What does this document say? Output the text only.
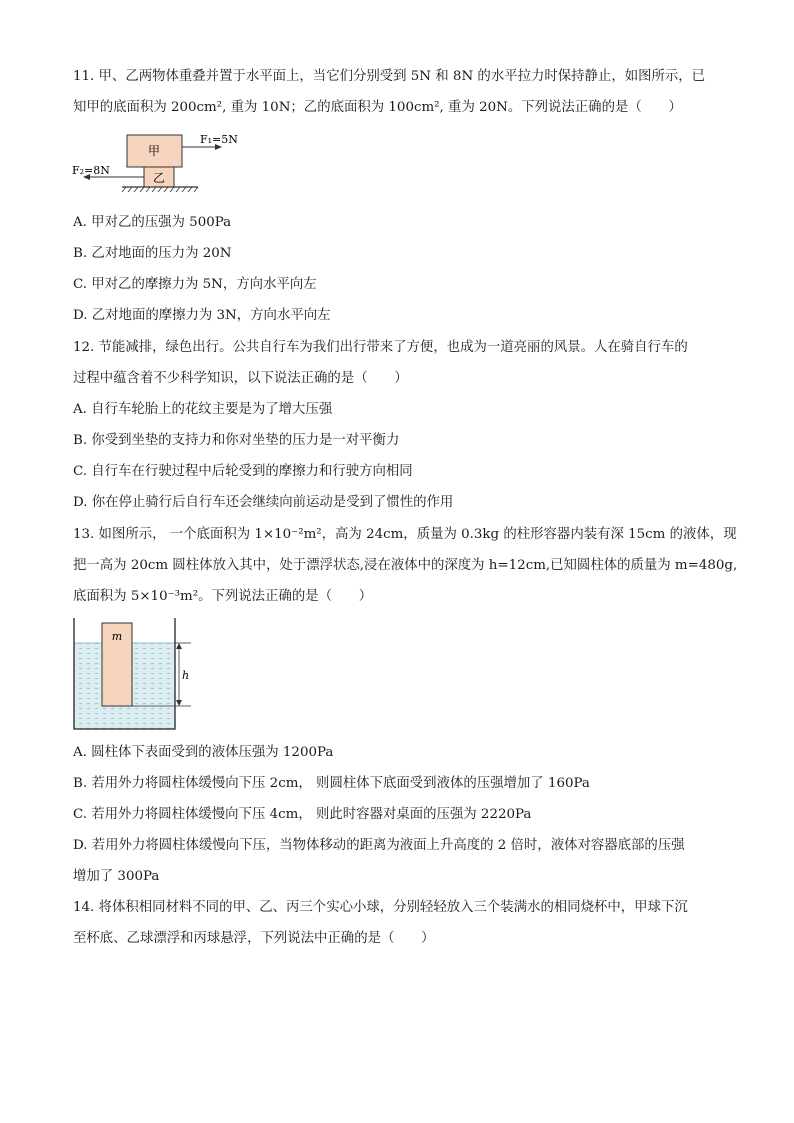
11. 甲、乙两物体重叠并置于水平面上，当它们分别受到 5N 和 8N 的水平拉力时保持静止，如图所示，已
知甲的底面积为 200cm², 重为 10N；乙的底面积为 100cm², 重为 20N。下列说法正确的是（　　）
甲
乙
F₁=5N
F₂=8N
A. 甲对乙的压强为 500Pa
B. 乙对地面的压力为 20N
C. 甲对乙的摩擦力为 5N，方向水平向左
D. 乙对地面的摩擦力为 3N，方向水平向左
12. 节能减排，绿色出行。公共自行车为我们出行带来了方便，也成为一道亮丽的风景。人在骑自行车的
过程中蕴含着不少科学知识，以下说法正确的是（　　）
A. 自行车轮胎上的花纹主要是为了增大压强
B. 你受到坐垫的支持力和你对坐垫的压力是一对平衡力
C. 自行车在行驶过程中后轮受到的摩擦力和行驶方向相同
D. 你在停止骑行后自行车还会继续向前运动是受到了惯性的作用
13. 如图所示， 一个底面积为 1×10⁻²m²，高为 24cm，质量为 0.3kg 的柱形容器内装有深 15cm 的液体，现
把一高为 20cm 圆柱体放入其中，处于漂浮状态,浸在液体中的深度为 h=12cm,已知圆柱体的质量为 m=480g,
底面积为 5×10⁻³m²。下列说法正确的是（　　）
m
h
A. 圆柱体下表面受到的液体压强为 1200Pa
B. 若用外力将圆柱体缓慢向下压 2cm， 则圆柱体下底面受到液体的压强增加了 160Pa
C. 若用外力将圆柱体缓慢向下压 4cm， 则此时容器对桌面的压强为 2220Pa
D. 若用外力将圆柱体缓慢向下压，当物体移动的距离为液面上升高度的 2 倍时，液体对容器底部的压强
增加了 300Pa
14. 将体积相同材料不同的甲、乙、丙三个实心小球，分别轻轻放入三个装满水的相同烧杯中，甲球下沉
至杯底、乙球漂浮和丙球悬浮，下列说法中正确的是（　　）
